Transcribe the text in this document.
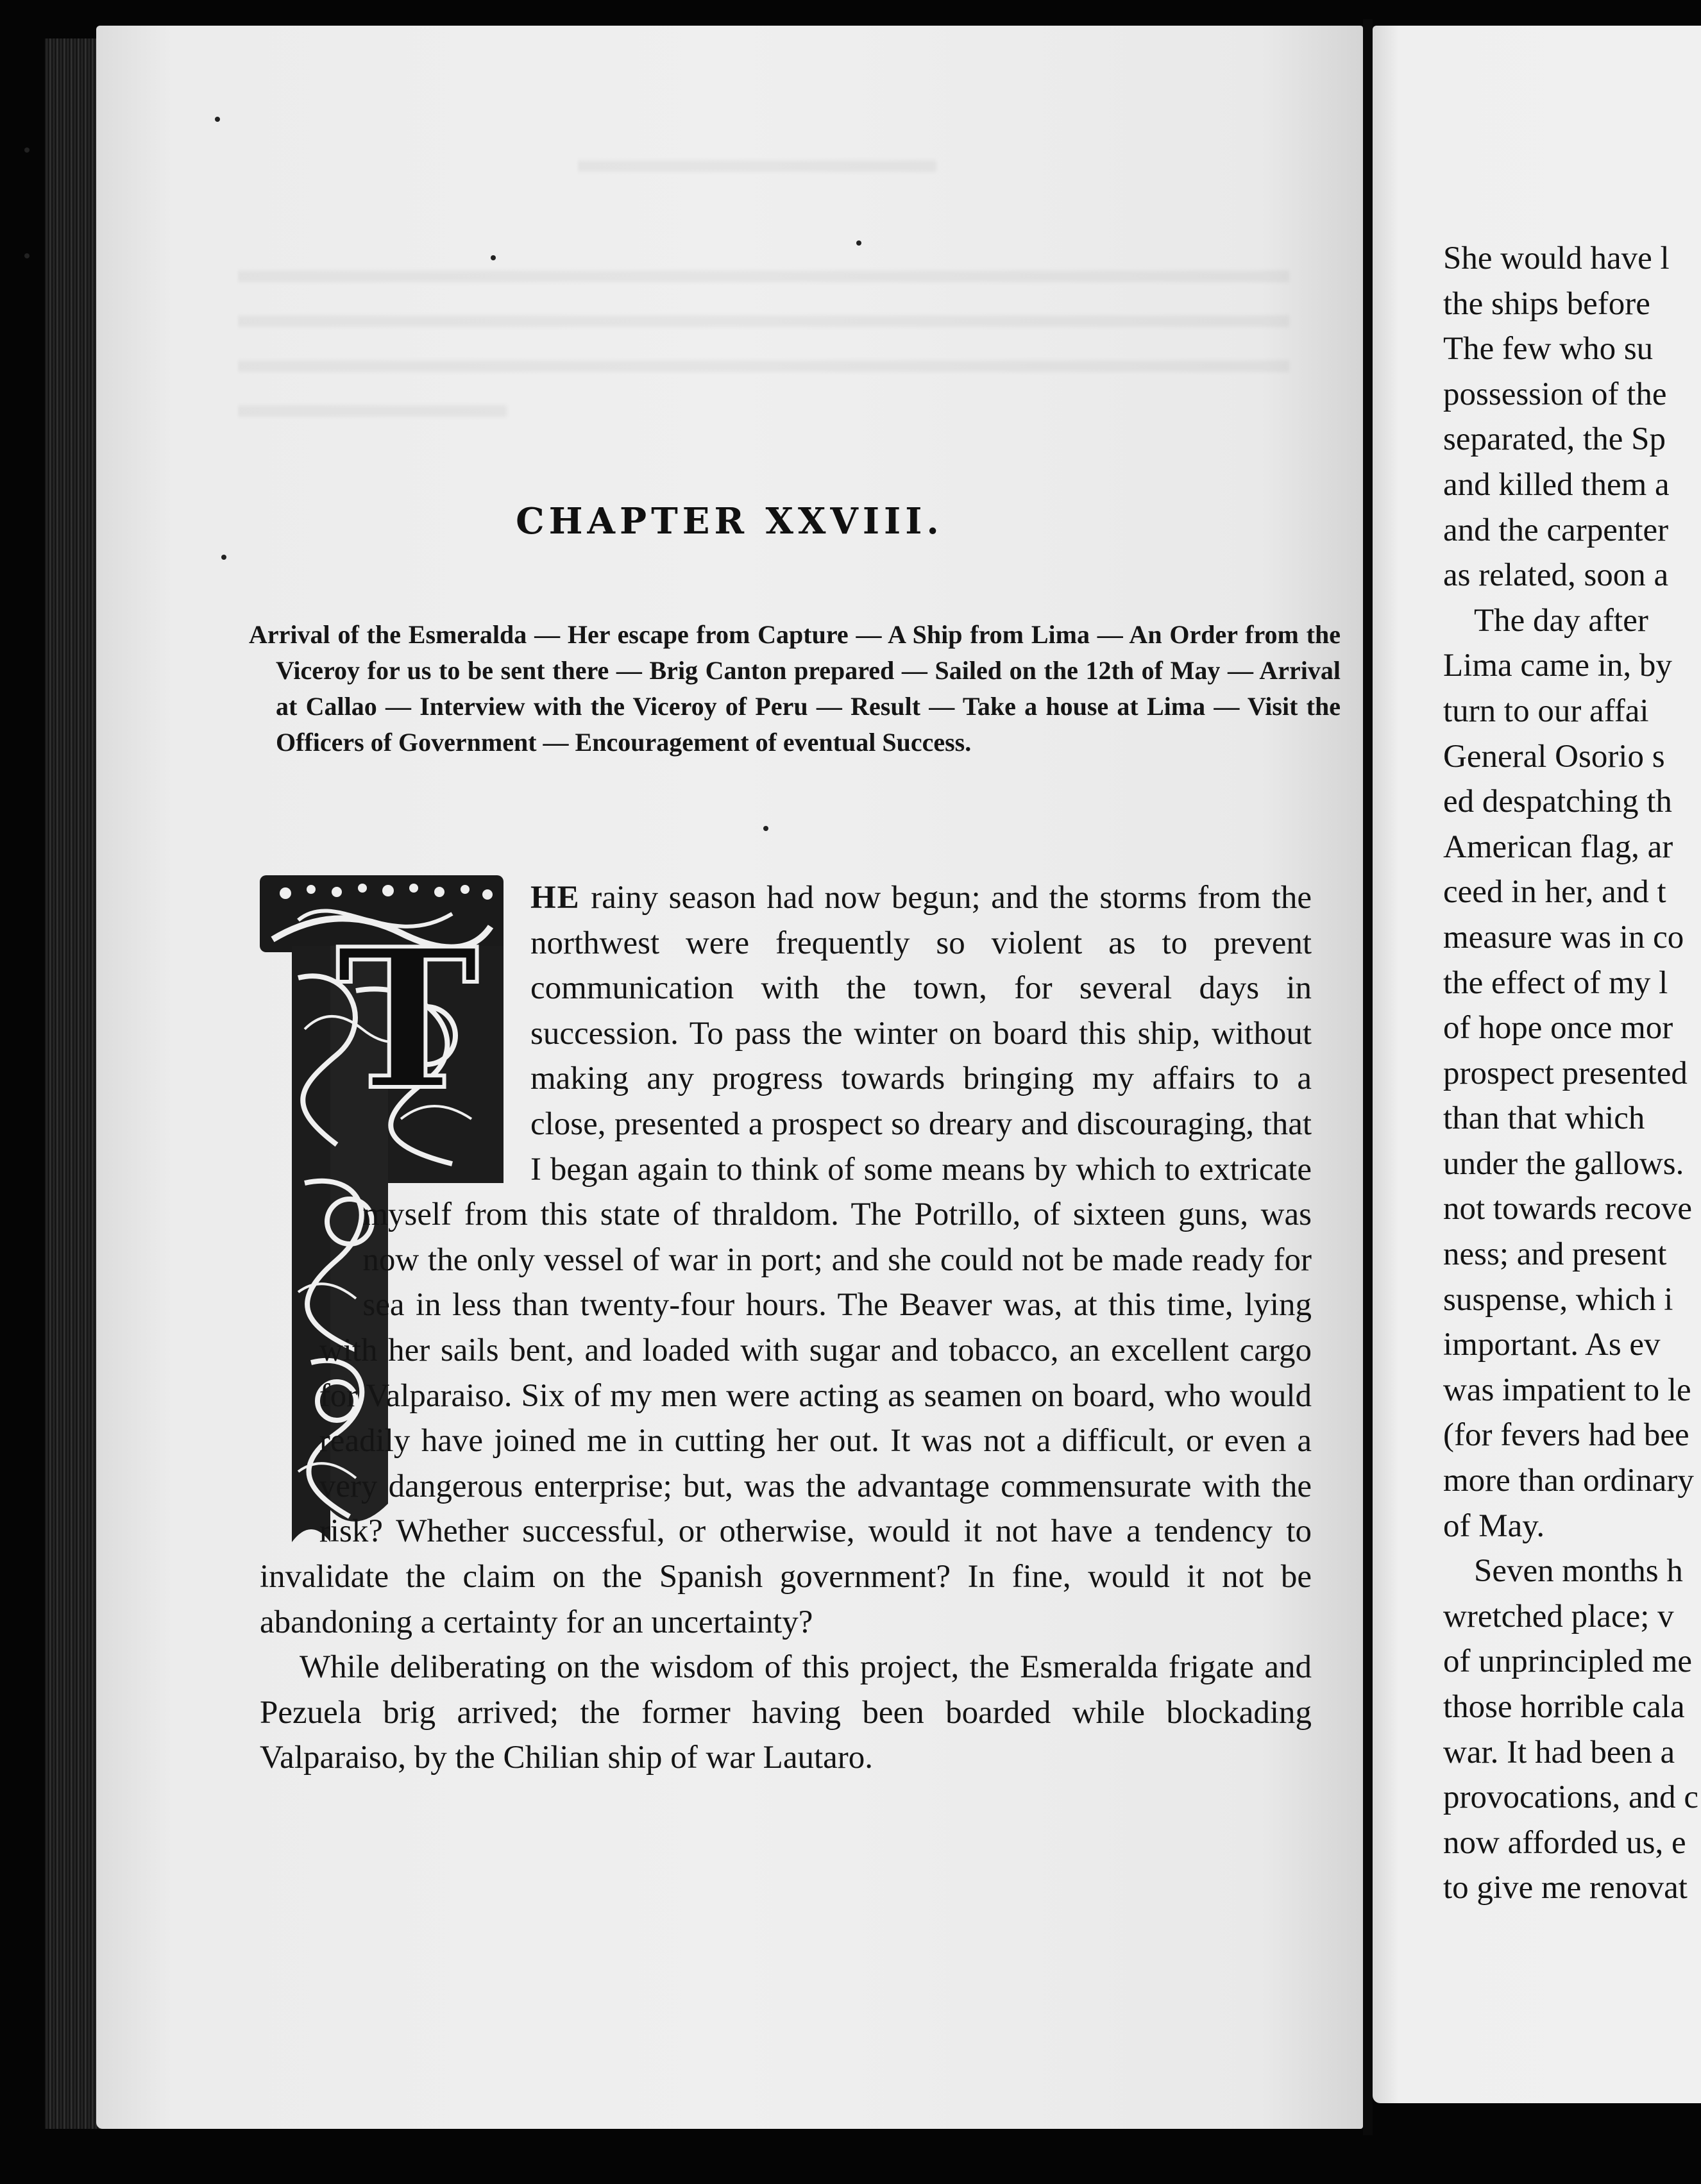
CHAPTER XXVIII.

Arrival of the Esmeralda — Her escape from Capture — A Ship from Lima — An Order from the Viceroy for us to be sent there — Brig Canton prepared — Sailed on the 12th of May — Arrival at Callao — Interview with the Viceroy of Peru — Result — Take a house at Lima — Visit the Officers of Government — Encouragement of eventual Success.

T

HE rainy season had now begun; and the storms from the northwest were frequently so violent as to prevent communication with the town, for several days in succession. To pass the winter on board this ship, without making any progress towards bringing my affairs to a close, presented a prospect so dreary and discouraging, that I began again to think of some means by which to extricate myself from this state of thraldom. The Potrillo, of sixteen guns, was now the only vessel of war in port; and she could not be made ready for sea in less than twenty-four hours. The Beaver was, at this time, lying with her sails bent, and loaded with sugar and tobacco, an excellent cargo for Valparaiso. Six of my men were acting as seamen on board, who would readily have joined me in cutting her out. It was not a difficult, or even a very dangerous enterprise; but, was the advantage commensurate with the risk? Whether successful, or otherwise, would it not have a tendency to invalidate the claim on the Spanish government? In fine, would it not be abandoning a certainty for an uncertainty?

While deliberating on the wisdom of this project, the Esmeralda frigate and Pezuela brig arrived; the former having been boarded while blockading Valparaiso, by the Chilian ship of war Lautaro.

She would have l
the ships before
The few who su
possession of the
separated, the Sp
and killed them a
and the carpenter
as related, soon a
The day after
Lima came in, by
turn to our affai
General Osorio s
ed despatching th
American flag, ar
ceed in her, and t
measure was in co
the effect of my l
of hope once mor
prospect presented
than that which
under the gallows.
not towards recove
ness; and present
suspense, which i
important. As ev
was impatient to le
(for fevers had bee
more than ordinary
of May.
Seven months h
wretched place; v
of unprincipled me
those horrible cala
war. It had been a
provocations, and c
now afforded us, e
to give me renovat
